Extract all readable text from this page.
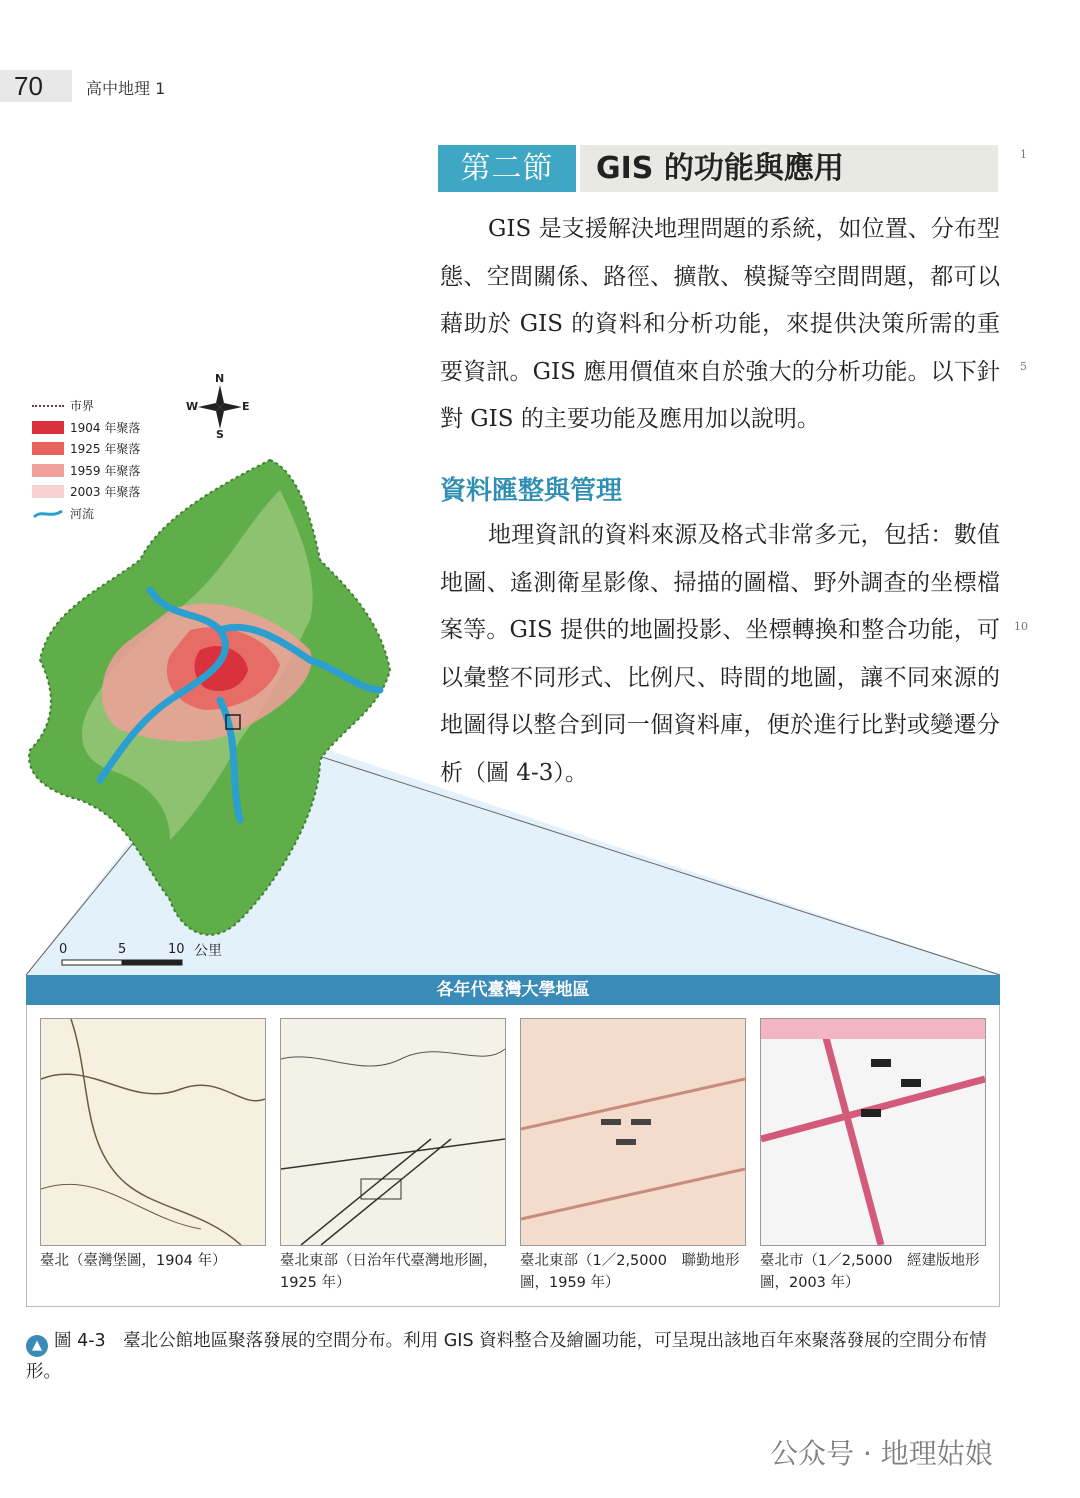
70	高中地理 1
1
5
10
第二節	GIS 的功能與應用

GIS 是支援解決地理問題的系統，如位置、分布型態、空間關係、路徑、擴散、模擬等空間問題，都可以藉助於 GIS 的資料和分析功能，來提供決策所需的重要資訊。GIS 應用價值來自於強大的分析功能。以下針對 GIS 的主要功能及應用加以說明。

資料匯整與管理

地理資訊的資料來源及格式非常多元，包括：數值地圖、遙測衛星影像、掃描的圖檔、野外調查的坐標檔案等。GIS 提供的地圖投影、坐標轉換和整合功能，可以彙整不同形式、比例尺、時間的地圖，讓不同來源的地圖得以整合到同一個資料庫，便於進行比對或變遷分析（圖 4-3）。

N
S
E
W
0	5	10 公里
市界
1904 年聚落
1925 年聚落
1959 年聚落
2003 年聚落
河流
各年代臺灣大學地區
臺北（臺灣堡圖，1904 年）	臺北東部（日治年代臺灣地形圖，1925 年）
臺北東部（1／2,5000　聯勤地形圖，1959 年）
臺北市（1／2,5000　經建版地形圖，2003 年）
▲ 圖 4-3　 臺北公館地區聚落發展的空間分布。利用 GIS 資料整合及繪圖功能，可呈現出該地百年來聚落發展的空間分布情形。
公众号 · 地理姑娘
